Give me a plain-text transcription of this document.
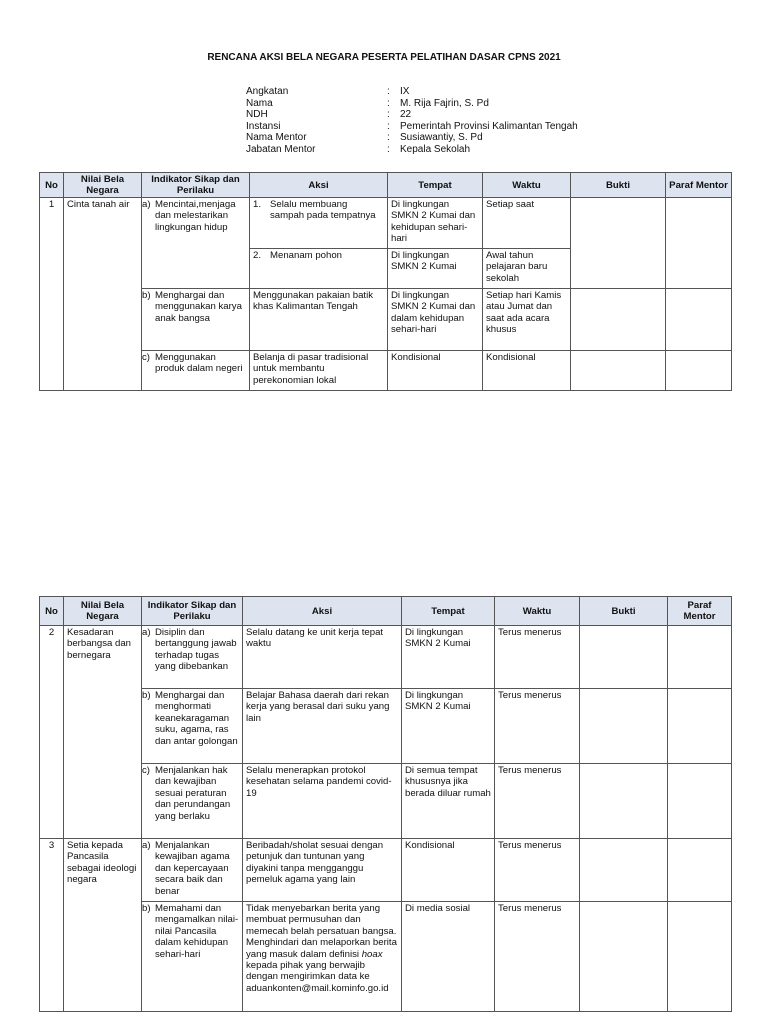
RENCANA AKSI BELA NEGARA PESERTA PELATIHAN DASAR CPNS 2021
Angkatan	:	IX
Nama	:	M. Rija Fajrin, S. Pd
NDH	:	22
Instansi	:	Pemerintah Provinsi Kalimantan Tengah
Nama Mentor	:	Susiawantiy, S. Pd
Jabatan Mentor	:	Kepala Sekolah
No	Nilai Bela Negara	Indikator Sikap dan Perilaku	Aksi	Tempat	Waktu	Bukti	Paraf Mentor
1	Cinta tanah air	a) Mencintai,menjaga dan melestarikan lingkungan hidup	1. Selalu membuang sampah pada tempatnya	Di lingkungan SMKN 2 Kumai dan kehidupan sehari-hari	Setiap saat		

			2. Menanam pohon	Di lingkungan SMKN 2 Kumai	Awal tahun pelajaran baru sekolah		

		b) Menghargai dan menggunakan karya anak bangsa	Menggunakan pakaian batik khas Kalimantan Tengah	Di lingkungan SMKN 2 Kumai dan dalam kehidupan sehari-hari	Setiap hari Kamis atau Jumat dan saat ada acara khusus		

		c) Menggunakan produk dalam negeri	Belanja di pasar tradisional untuk membantu perekonomian lokal	Kondisional	Kondisional		
No	Nilai Bela Negara	Indikator Sikap dan Perilaku	Aksi	Tempat	Waktu	Bukti	Paraf Mentor
2	Kesadaran berbangsa dan bernegara	a) Disiplin dan bertanggung jawab terhadap tugas yang dibebankan	Selalu datang ke unit kerja tepat waktu	Di lingkungan SMKN 2 Kumai	Terus menerus		

		b) Menghargai dan menghormati keanekaragaman suku, agama, ras dan antar golongan	Belajar Bahasa daerah dari rekan kerja yang berasal dari suku yang lain	Di lingkungan SMKN 2 Kumai	Terus menerus		

		c) Menjalankan hak dan kewajiban sesuai peraturan dan perundangan yang berlaku	Selalu menerapkan protokol kesehatan selama pandemi covid-19	Di semua tempat khususnya jika berada diluar rumah	Terus menerus		
3	Setia kepada Pancasila sebagai ideologi negara	a) Menjalankan kewajiban agama dan kepercayaan secara baik dan benar	Beribadah/sholat sesuai dengan petunjuk dan tuntunan yang diyakini tanpa mengganggu pemeluk agama yang lain	Kondisional	Terus menerus		

		b) Memahami dan mengamalkan nilai-nilai Pancasila dalam kehidupan sehari-hari	Tidak menyebarkan berita yang membuat permusuhan dan memecah belah persatuan bangsa. Menghindari dan melaporkan berita yang masuk dalam definisi hoax kepada pihak yang berwajib dengan mengirimkan data ke aduankonten@mail.kominfo.go.id	Di media sosial	Terus menerus		
